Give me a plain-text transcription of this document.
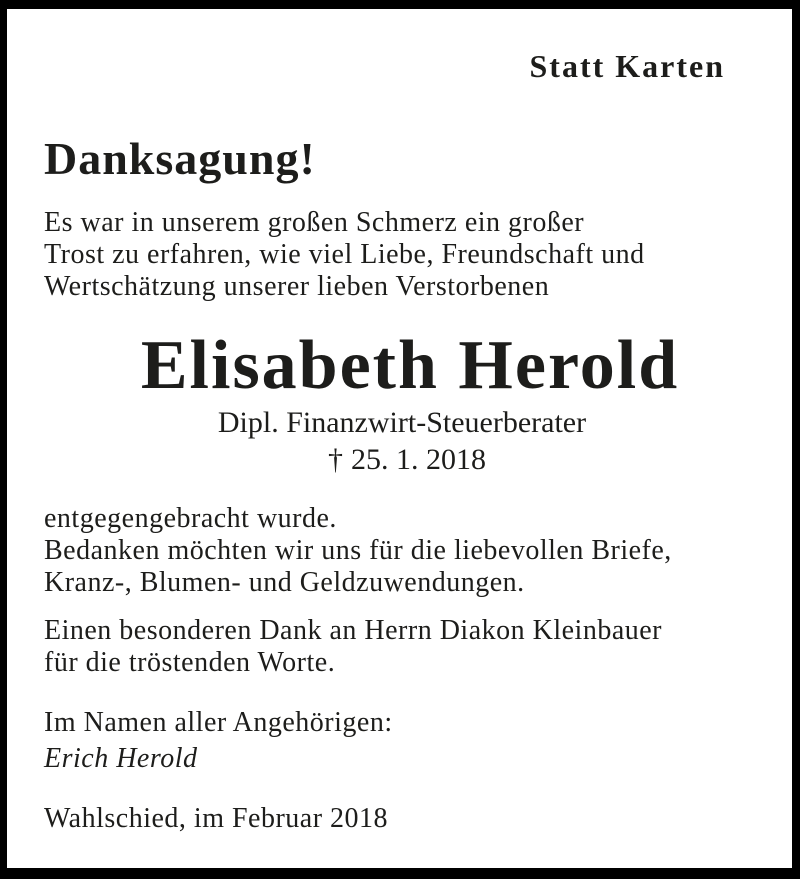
Statt Karten
Danksagung!
Es war in unserem großen Schmerz ein großer
Trost zu erfahren, wie viel Liebe, Freundschaft und
Wertschätzung unserer lieben Verstorbenen
Elisabeth Herold
Dipl. Finanzwirt-Steuerberater
† 25. 1. 2018
entgegengebracht wurde.
Bedanken möchten wir uns für die liebevollen Briefe,
Kranz-, Blumen- und Geldzuwendungen.
Einen besonderen Dank an Herrn Diakon Kleinbauer
für die tröstenden Worte.
Im Namen aller Angehörigen:
Erich Herold
Wahlschied, im Februar 2018
